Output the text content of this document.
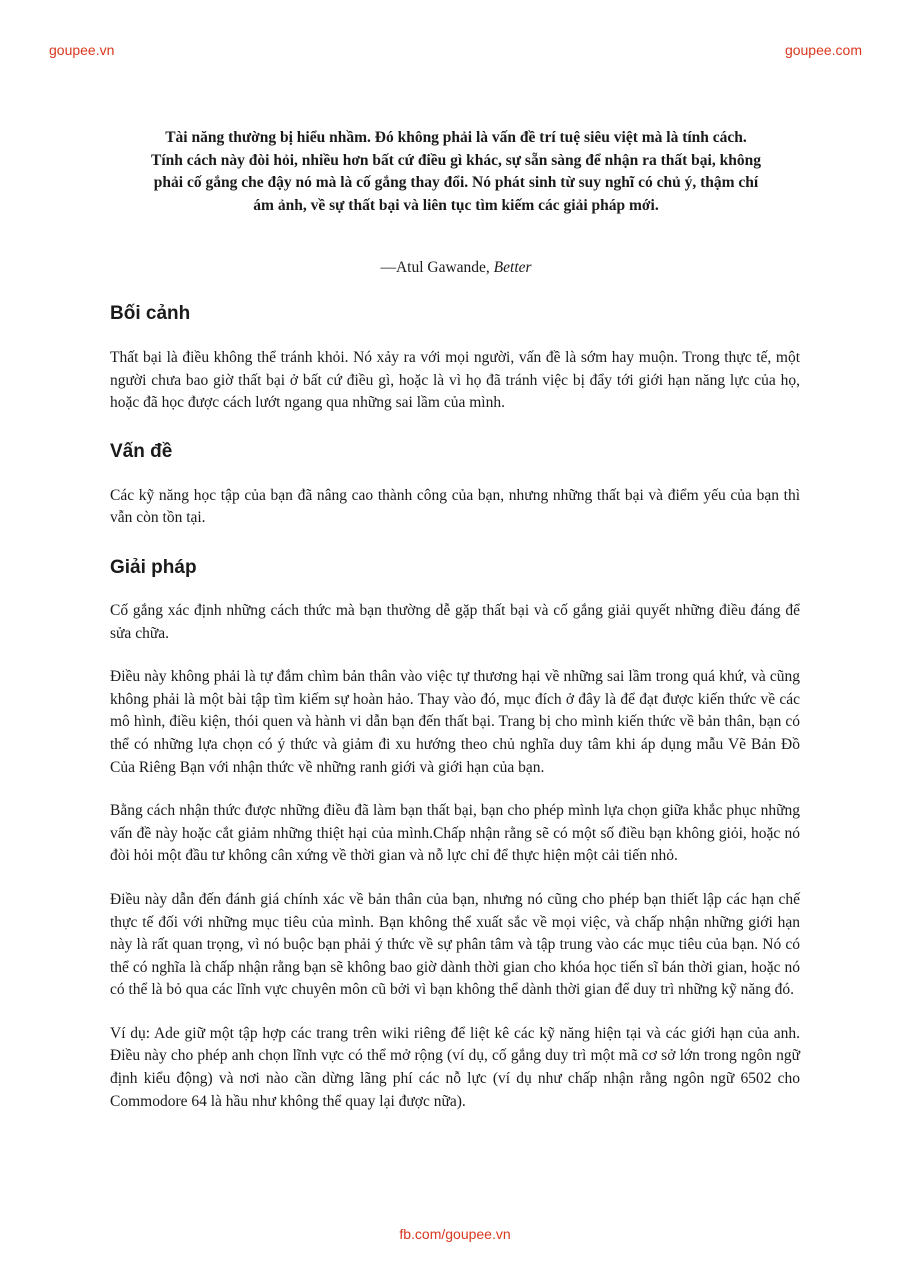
goupee.vn	goupee.com
Tài năng thường bị hiểu nhầm. Đó không phải là vấn đề trí tuệ siêu việt mà là tính cách. Tính cách này đòi hỏi, nhiều hơn bất cứ điều gì khác, sự sẵn sàng để nhận ra thất bại, không phải cố gắng che đậy nó mà là cố gắng thay đổi. Nó phát sinh từ suy nghĩ có chủ ý, thậm chí ám ảnh, về sự thất bại và liên tục tìm kiếm các giải pháp mới.
—Atul Gawande, Better
Bối cảnh

Thất bại là điều không thể tránh khỏi. Nó xảy ra với mọi người, vấn đề là sớm hay muộn. Trong thực tế, một người chưa bao giờ thất bại ở bất cứ điều gì, hoặc là vì họ đã tránh việc bị đẩy tới giới hạn năng lực của họ, hoặc đã học được cách lướt ngang qua những sai lầm của mình.

Vấn đề

Các kỹ năng học tập của bạn đã nâng cao thành công của bạn, nhưng những thất bại và điểm yếu của bạn thì vẫn còn tồn tại.

Giải pháp

Cố gắng xác định những cách thức mà bạn thường dễ gặp thất bại và cố gắng giải quyết những điều đáng để sửa chữa.

Điều này không phải là tự đắm chìm bản thân vào việc tự thương hại về những sai lầm trong quá khứ, và cũng không phải là một bài tập tìm kiếm sự hoàn hảo. Thay vào đó, mục đích ở đây là để đạt được kiến thức về các mô hình, điều kiện, thói quen và hành vi dẫn bạn đến thất bại. Trang bị cho mình kiến thức về bản thân, bạn có thể có những lựa chọn có ý thức và giảm đi xu hướng theo chủ nghĩa duy tâm khi áp dụng mẫu Vẽ Bản Đồ Của Riêng Bạn với nhận thức về những ranh giới và giới hạn của bạn.

Bằng cách nhận thức được những điều đã làm bạn thất bại, bạn cho phép mình lựa chọn giữa khắc phục những vấn đề này hoặc cắt giảm những thiệt hại của mình.Chấp nhận rằng sẽ có một số điều bạn không giỏi, hoặc nó đòi hỏi một đầu tư không cân xứng về thời gian và nỗ lực chỉ để thực hiện một cải tiến nhỏ.

Điều này dẫn đến đánh giá chính xác về bản thân của bạn, nhưng nó cũng cho phép bạn thiết lập các hạn chế thực tế đối với những mục tiêu của mình. Bạn không thể xuất sắc về mọi việc, và chấp nhận những giới hạn này là rất quan trọng, vì nó buộc bạn phải ý thức về sự phân tâm và tập trung vào các mục tiêu của bạn. Nó có thể có nghĩa là chấp nhận rằng bạn sẽ không bao giờ dành thời gian cho khóa học tiến sĩ bán thời gian, hoặc nó có thể là bỏ qua các lĩnh vực chuyên môn cũ bởi vì bạn không thể dành thời gian để duy trì những kỹ năng đó.

Ví dụ: Ade giữ một tập hợp các trang trên wiki riêng để liệt kê các kỹ năng hiện tại và các giới hạn của anh. Điều này cho phép anh chọn lĩnh vực có thể mở rộng (ví dụ, cố gắng duy trì một mã cơ sở lớn trong ngôn ngữ định kiểu động) và nơi nào cần dừng lãng phí các nỗ lực (ví dụ như chấp nhận rằng ngôn ngữ 6502 cho Commodore 64 là hầu như không thể quay lại được nữa).

fb.com/goupee.vn
